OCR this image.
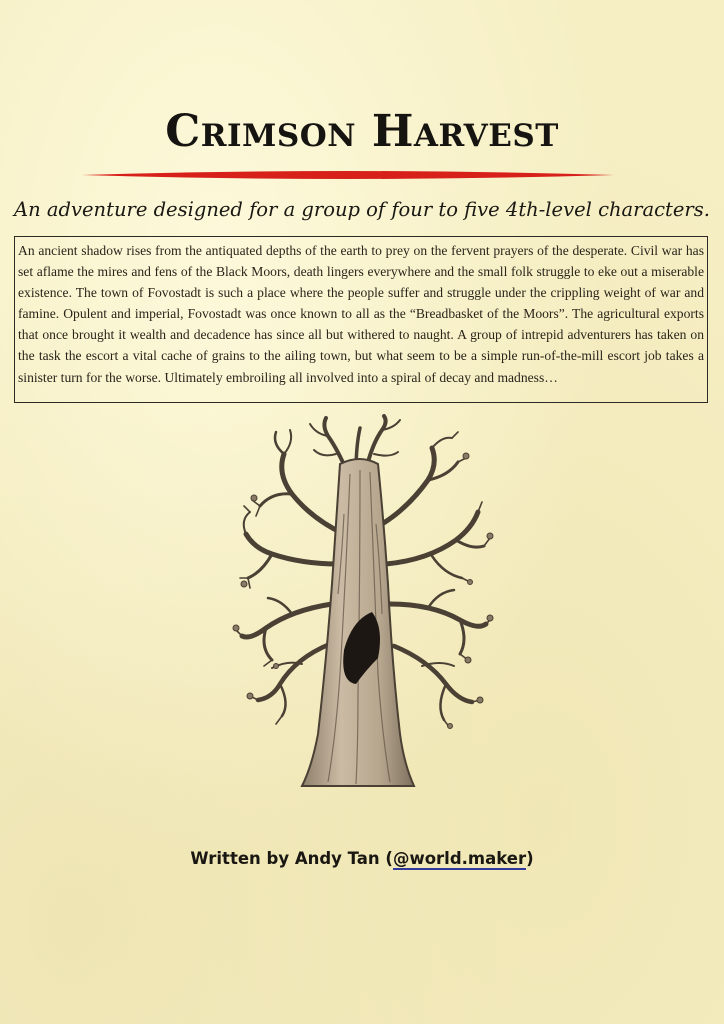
Crimson Harvest
An adventure designed for a group of four to five 4th-level characters.
An ancient shadow rises from the antiquated depths of the earth to prey on the fervent prayers of the desperate. Civil war has set aflame the mires and fens of the Black Moors, death lingers everywhere and the small folk struggle to eke out a miserable existence. The town of Fovostadt is such a place where the people suffer and struggle under the crippling weight of war and famine. Opulent and imperial, Fovostadt was once known to all as the “Breadbasket of the Moors”. The agricultural exports that once brought it wealth and decadence has since all but withered to naught. A group of intrepid adventurers has taken on the task the escort a vital cache of grains to the ailing town, but what seem to be a simple run-of-the-mill escort job takes a sinister turn for the worse. Ultimately embroiling all involved into a spiral of decay and madness…
Written by Andy Tan (@world.maker)
